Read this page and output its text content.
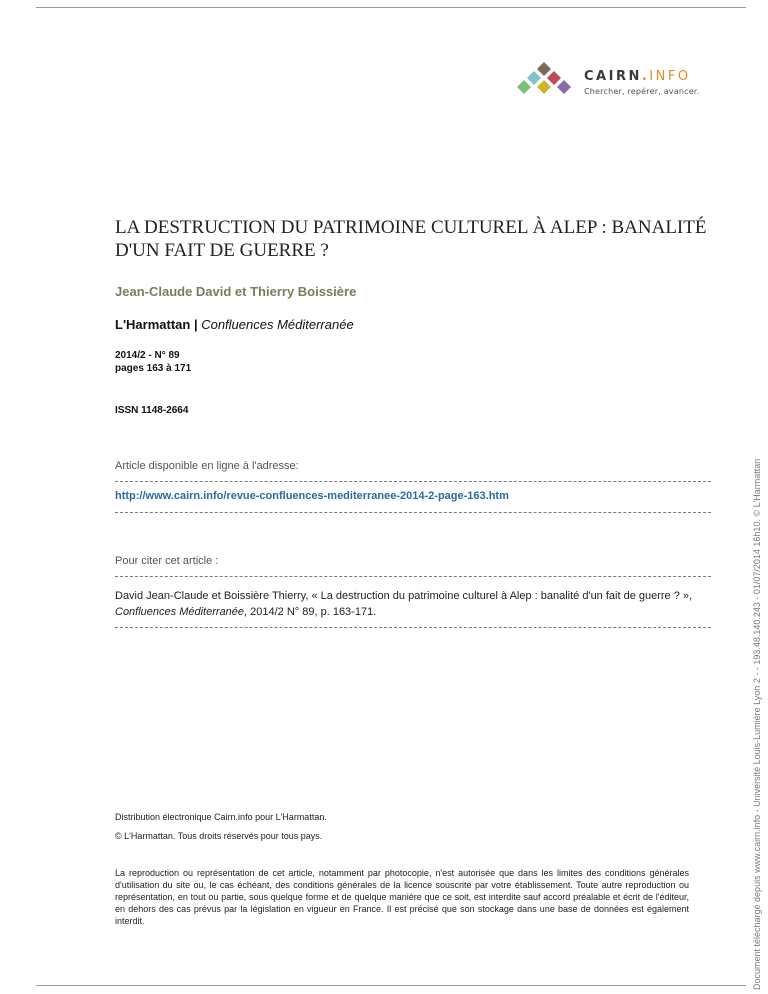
CAIRN.INFO
Chercher, repérer, avancer.
LA DESTRUCTION DU PATRIMOINE CULTUREL À ALEP : BANALITÉ
D'UN FAIT DE GUERRE ?
Jean-Claude David et Thierry Boissière
L'Harmattan | Confluences Méditerranée
2014/2 - N° 89
pages 163 à 171
ISSN 1148-2664
Article disponible en ligne à l'adresse:
http://www.cairn.info/revue-confluences-mediterranee-2014-2-page-163.htm
Pour citer cet article :
David Jean-Claude et Boissière Thierry, « La destruction du patrimoine culturel à Alep : banalité d'un fait de guerre ? »,
Confluences Méditerranée, 2014/2 N° 89, p. 163-171.
Distribution électronique Cairn.info pour L'Harmattan.
© L'Harmattan. Tous droits réservés pour tous pays.
La reproduction ou représentation de cet article, notamment par photocopie, n'est autorisée que dans les limites des conditions générales d'utilisation du site ou, le cas échéant, des conditions générales de la licence souscrite par votre établissement. Toute autre reproduction ou représentation, en tout ou partie, sous quelque forme et de quelque manière que ce soit, est interdite sauf accord préalable et écrit de l'éditeur, en dehors des cas prévus par la législation en vigueur en France. Il est précisé que son stockage dans une base de données est également interdit.	Document téléchargé depuis www.cairn.info - Université Louis-Lumière Lyon 2 - - 193.48.140.243 - 01/07/2014 16h10. © L'Harmattan
